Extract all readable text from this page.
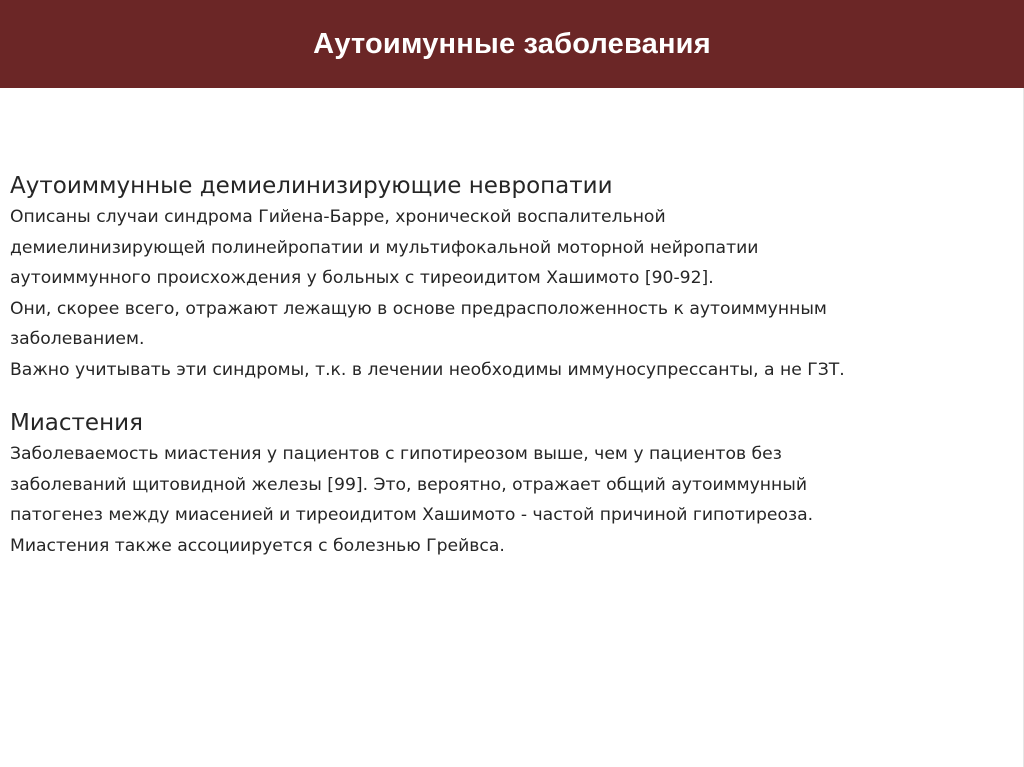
Аутоимунные заболевания

Аутоиммунные демиелинизирующие невропатии

Описаны случаи синдрома Гийена-Барре, хронической воспалительной

демиелинизирующей полинейропатии и мультифокальной моторной нейропатии

аутоиммунного происхождения у больных с тиреоидитом Хашимото [90-92].

Они, скорее всего, отражают лежащую в основе предрасположенность к аутоиммунным

заболеванием.

Важно учитывать эти синдромы, т.к. в лечении необходимы иммуносупрессанты, а не ГЗТ.

Миастения

Заболеваемость миастения у пациентов с гипотиреозом выше, чем у пациентов без

заболеваний щитовидной железы [99]. Это, вероятно, отражает общий аутоиммунный

патогенез между миасенией и тиреоидитом Хашимото - частой причиной гипотиреоза.

Миастения также ассоциируется с болезнью Грейвса.
